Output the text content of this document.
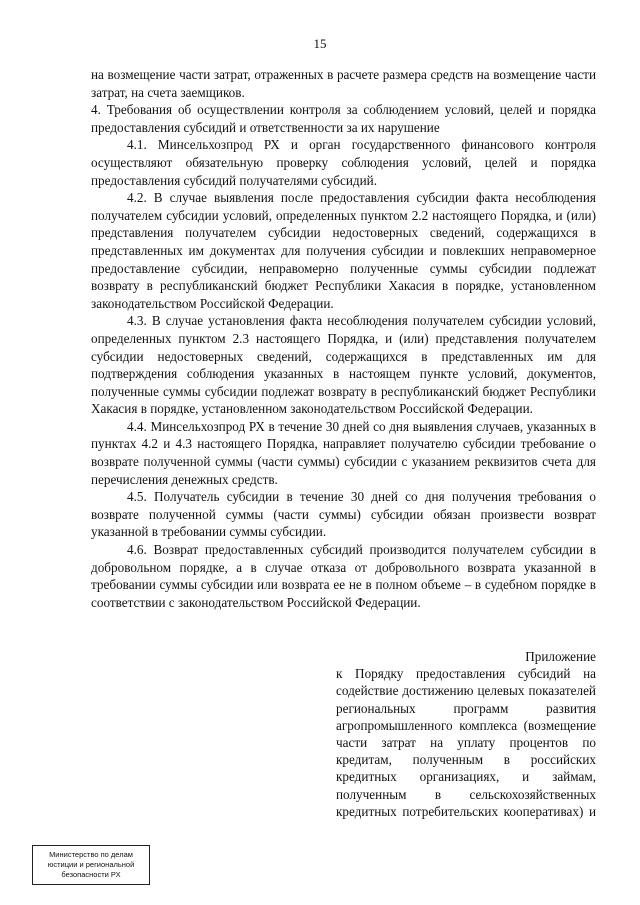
15

на возмещение части затрат, отраженных в расчете размера средств на возмещение части затрат, на счета заемщиков.

4. Требования об осуществлении контроля за соблюдением условий, целей и порядка предоставления субсидий и ответственности за их нарушение

4.1. Минсельхозпрод РХ и орган государственного финансового контроля осуществляют обязательную проверку соблюдения условий, целей и порядка предоставления субсидий получателями субсидий.

4.2. В случае выявления после предоставления субсидии факта несоблюдения получателем субсидии условий, определенных пунктом 2.2 настоящего Порядка, и (или) представления получателем субсидии недостоверных сведений, содержащихся в представленных им документах для получения субсидии и повлекших неправомерное предоставление субсидии, неправомерно полученные суммы субсидии подлежат возврату в республиканский бюджет Республики Хакасия в порядке, установленном законодательством Российской Федерации.

4.3. В случае установления факта несоблюдения получателем субсидии условий, определенных пунктом 2.3 настоящего Порядка, и (или) представления получателем субсидии недостоверных сведений, содержащихся в представленных им для подтверждения соблюдения указанных в настоящем пункте условий, документов, полученные суммы субсидии подлежат возврату в республиканский бюджет Республики Хакасия в порядке, установленном законодательством Российской Федерации.

4.4. Минсельхозпрод РХ в течение 30 дней со дня выявления случаев, указанных в пунктах 4.2 и 4.3 настоящего Порядка, направляет получателю субсидии требование о возврате полученной суммы (части суммы) субсидии с указанием реквизитов счета для перечисления денежных средств.

4.5. Получатель субсидии в течение 30 дней со дня получения требования о возврате полученной суммы (части суммы) субсидии обязан произвести возврат указанной в требовании суммы субсидии.

4.6. Возврат предоставленных субсидий производится получателем субсидии в добровольном порядке, а в случае отказа от добровольного возврата указанной в требовании суммы субсидии или возврата ее не в полном объеме – в судебном порядке в соответствии с законодательством Российской Федерации.

Приложение
к Порядку предоставления субсидий на содействие достижению целевых показателей региональных программ развития агропромышленного комплекса (возмещение части затрат на уплату процентов по кредитам, полученным в российских кредитных организациях, и займам, полученным в сельскохозяйственных кредитных потребительских кооперативах) и
Министерство по делам
юстиции и региональной
безопасности РХ
